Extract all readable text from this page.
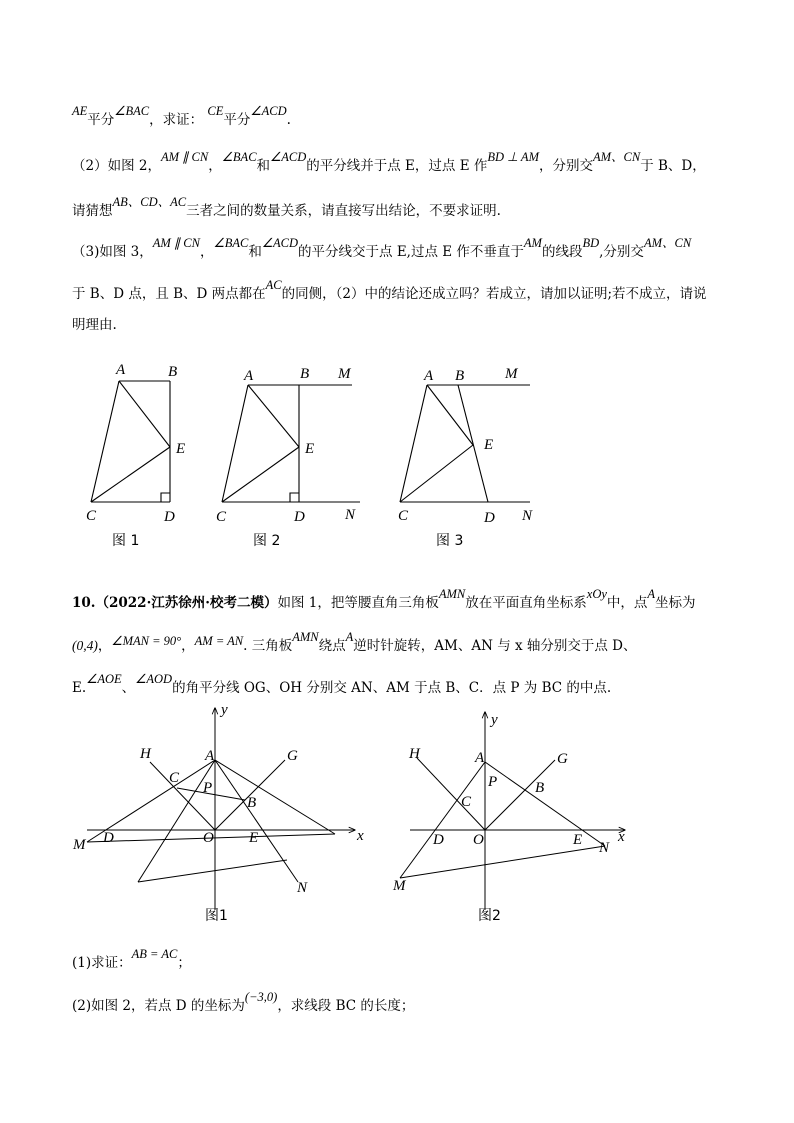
AE平分∠BAC，求证： CE平分∠ACD.
（2）如图 2，AM ∥ CN，∠BAC和∠ACD的平分线并于点 E，过点 E 作BD ⊥ AM，分别交AM、CN于 B、D，
请猜想AB、CD、AC三者之间的数量关系，请直接写出结论，不要求证明.
（3)如图 3，AM ∥ CN，∠BAC和∠ACD的平分线交于点 E,过点 E 作不垂直于AM的线段BD,分别交AM、CN
于 B、D 点，且 B、D 两点都在AC的同侧，（2）中的结论还成立吗？若成立，请加以证明;若不成立，请说
明理由.
A	B
C	D
E
A	B M
C	D	N
E
A B	M
C	D N
E
图 1	图 2	图 3
10.（2022·江苏徐州·校考二模）如图 1，把等腰直角三角板AMN放在平面直角坐标系xOy中，点A坐标为
(0,4)，∠MAN = 90°，AM = AN. 三角板AMN绕点A逆时针旋转，AM、AN 与 x 轴分别交于点 D、
E.∠AOE、∠AOD的角平分线 OG、OH 分别交 AN、AM 于点 B、C．点 P 为 BC 的中点.
y
H	A	G
C
P
B
D	O E	x
M
N
图1
y
H	A	G
P
C
B
D O	E x
N
M
图2
(1)求证：AB = AC；
(2)如图 2，若点 D 的坐标为(−3,0)，求线段 BC 的长度；
